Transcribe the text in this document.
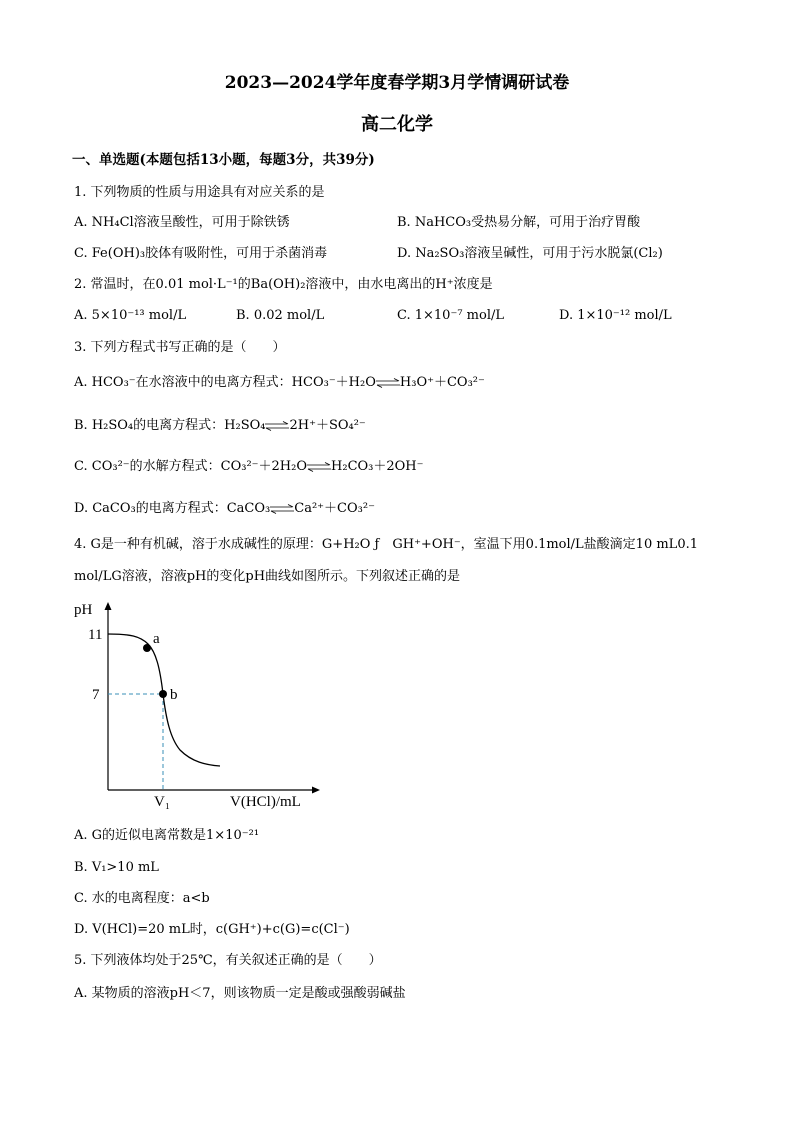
2023—2024学年度春学期3月学情调研试卷
高二化学
一、单选题(本题包括13小题，每题3分，共39分)
1. 下列物质的性质与用途具有对应关系的是
A. NH₄Cl溶液呈酸性，可用于除铁锈	B. NaHCO₃受热易分解，可用于治疗胃酸
C. Fe(OH)₃胶体有吸附性，可用于杀菌消毒	D. Na₂SO₃溶液呈碱性，可用于污水脱氯(Cl₂)
2. 常温时，在0.01 mol·L⁻¹的Ba(OH)₂溶液中，由水电离出的H⁺浓度是
A. 5×10⁻¹³ mol/L	B. 0.02 mol/L	C. 1×10⁻⁷ mol/L	D. 1×10⁻¹² mol/L
3. 下列方程式书写正确的是（　　）
A. HCO₃⁻在水溶液中的电离方程式：HCO₃⁻＋H₂O⇌H₃O⁺＋CO₃²⁻
B. H₂SO₄的电离方程式：H₂SO₄⇌2H⁺＋SO₄²⁻
C. CO₃²⁻的水解方程式：CO₃²⁻＋2H₂O⇌H₂CO₃＋2OH⁻
D. CaCO₃的电离方程式：CaCO₃⇌Ca²⁺＋CO₃²⁻
4. G是一种有机碱，溶于水成碱性的原理：G+H₂O ƒ　GH⁺+OH⁻，室温下用0.1mol/L盐酸滴定10 mL0.1
mol/LG溶液，溶液pH的变化pH曲线如图所示。下列叙述正确的是
pH
11
7
a
b
V₁	V(HCl)/mL
A. G的近似电离常数是1×10⁻²¹
B. V₁>10 mL
C. 水的电离程度：a<b
D. V(HCl)=20 mL时，c(GH⁺)+c(G)=c(Cl⁻)
5. 下列液体均处于25℃，有关叙述正确的是（　　）
A. 某物质的溶液pH＜7，则该物质一定是酸或强酸弱碱盐
